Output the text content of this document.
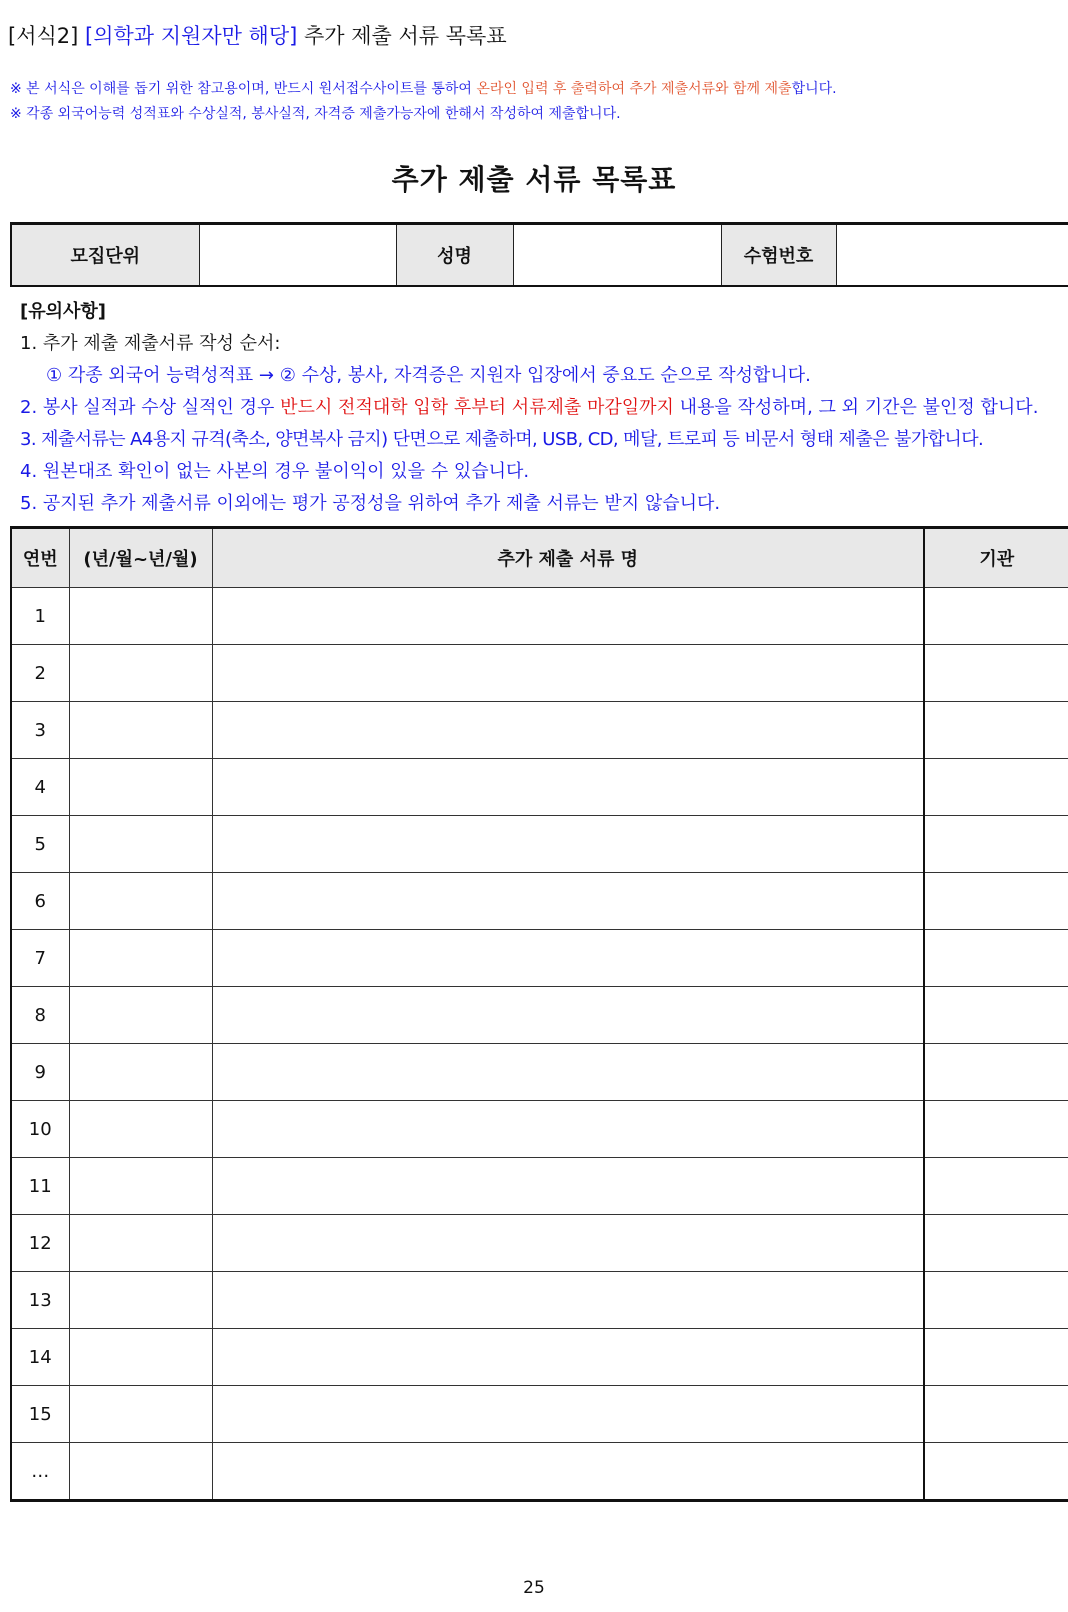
[서식2] [의학과 지원자만 해당] 추가 제출 서류 목록표
※ 본 서식은 이해를 돕기 위한 참고용이며, 반드시 원서접수사이트를 통하여 온라인 입력 후 출력하여 추가 제출서류와 함께 제출합니다.
※ 각종 외국어능력 성적표와 수상실적, 봉사실적, 자격증 제출가능자에 한해서 작성하여 제출합니다.
추가 제출 서류 목록표
모집단위		성명		수험번호	
[유의사항]
1. 추가 제출 제출서류 작성 순서:
① 각종 외국어 능력성적표 → ② 수상, 봉사, 자격증은 지원자 입장에서 중요도 순으로 작성합니다.
2. 봉사 실적과 수상 실적인 경우 반드시 전적대학 입학 후부터 서류제출 마감일까지 내용을 작성하며, 그 외 기간은 불인정 합니다.
3. 제출서류는 A4용지 규격(축소, 양면복사 금지) 단면으로 제출하며, USB, CD, 메달, 트로피 등 비문서 형태 제출은 불가합니다.
4. 원본대조 확인이 없는 사본의 경우 불이익이 있을 수 있습니다.
5. 공지된 추가 제출서류 이외에는 평가 공정성을 위하여 추가 제출 서류는 받지 않습니다.
연번	(년/월~년/월)	추가 제출 서류 명	기관
1			
2			
3			
4			
5			
6			
7			
8			
9			
10			
11			
12			
13			
14			
15			
…			
25
